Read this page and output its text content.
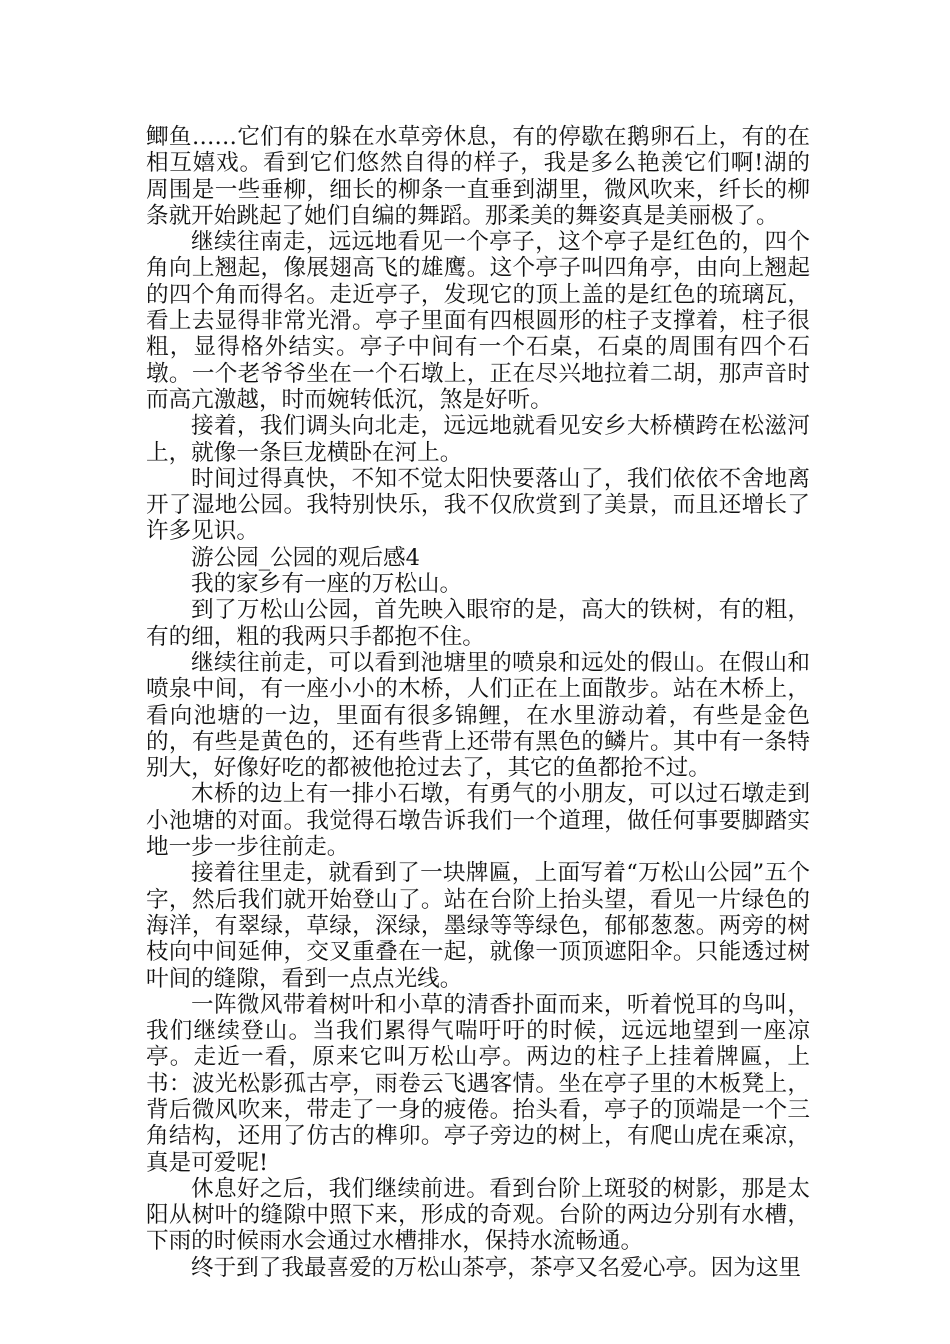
鲫鱼……它们有的躲在水草旁休息，有的停歇在鹅卵石上，有的在相互嬉戏。看到它们悠然自得的样子，我是多么艳羡它们啊!湖的周围是一些垂柳，细长的柳条一直垂到湖里，微风吹来，纤长的柳条就开始跳起了她们自编的舞蹈。那柔美的舞姿真是美丽极了。

继续往南走，远远地看见一个亭子，这个亭子是红色的，四个角向上翘起，像展翅高飞的雄鹰。这个亭子叫四角亭，由向上翘起的四个角而得名。走近亭子，发现它的顶上盖的是红色的琉璃瓦，看上去显得非常光滑。亭子里面有四根圆形的柱子支撑着，柱子很粗，显得格外结实。亭子中间有一个石桌，石桌的周围有四个石墩。一个老爷爷坐在一个石墩上，正在尽兴地拉着二胡，那声音时而高亢激越，时而婉转低沉，煞是好听。

接着，我们调头向北走，远远地就看见安乡大桥横跨在松滋河上，就像一条巨龙横卧在河上。

时间过得真快，不知不觉太阳快要落山了，我们依依不舍地离开了湿地公园。我特别快乐，我不仅欣赏到了美景，而且还增长了许多见识。

游公园_公园的观后感4

我的家乡有一座的万松山。

到了万松山公园，首先映入眼帘的是，高大的铁树，有的粗，有的细，粗的我两只手都抱不住。

继续往前走，可以看到池塘里的喷泉和远处的假山。在假山和喷泉中间，有一座小小的木桥，人们正在上面散步。站在木桥上，看向池塘的一边，里面有很多锦鲤，在水里游动着，有些是金色的，有些是黄色的，还有些背上还带有黑色的鳞片。其中有一条特别大，好像好吃的都被他抢过去了，其它的鱼都抢不过。

木桥的边上有一排小石墩，有勇气的小朋友，可以过石墩走到小池塘的对面。我觉得石墩告诉我们一个道理，做任何事要脚踏实地一步一步往前走。

接着往里走，就看到了一块牌匾，上面写着“万松山公园”五个字，然后我们就开始登山了。站在台阶上抬头望，看见一片绿色的海洋，有翠绿，草绿，深绿，墨绿等等绿色，郁郁葱葱。两旁的树枝向中间延伸，交叉重叠在一起，就像一顶顶遮阳伞。只能透过树叶间的缝隙，看到一点点光线。

一阵微风带着树叶和小草的清香扑面而来，听着悦耳的鸟叫，我们继续登山。当我们累得气喘吁吁的时候，远远地望到一座凉亭。走近一看，原来它叫万松山亭。两边的柱子上挂着牌匾，上书：波光松影孤古亭，雨卷云飞遇客情。坐在亭子里的木板凳上，背后微风吹来，带走了一身的疲倦。抬头看，亭子的顶端是一个三角结构，还用了仿古的榫卯。亭子旁边的树上，有爬山虎在乘凉，真是可爱呢!

休息好之后，我们继续前进。看到台阶上斑驳的树影，那是太阳从树叶的缝隙中照下来，形成的奇观。台阶的两边分别有水槽，下雨的时候雨水会通过水槽排水，保持水流畅通。

终于到了我最喜爱的万松山茶亭，茶亭又名爱心亭。因为这里
